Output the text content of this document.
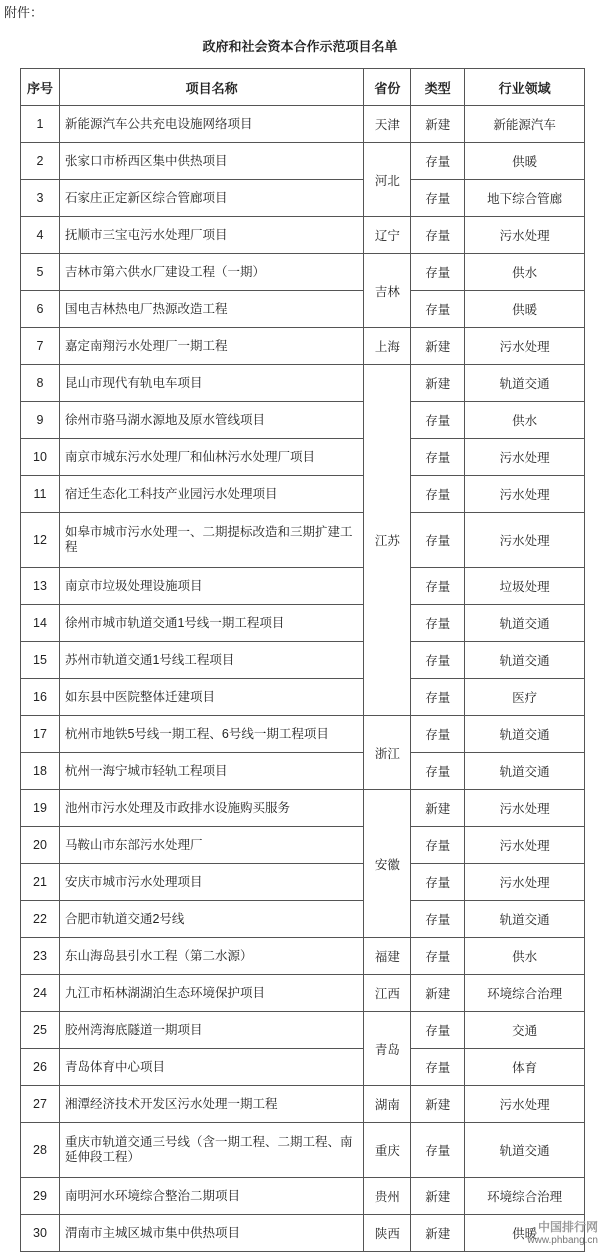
附件：
政府和社会资本合作示范项目名单
序号	项目名称	省份	类型	行业领域
1	新能源汽车公共充电设施网络项目	天津	新建	新能源汽车
2	张家口市桥西区集中供热项目	河北	存量	供暖
3	石家庄正定新区综合管廊项目		存量	地下综合管廊
4	抚顺市三宝屯污水处理厂项目	辽宁	存量	污水处理
5	吉林市第六供水厂建设工程（一期）	吉林	存量	供水
6	国电吉林热电厂热源改造工程		存量	供暖
7	嘉定南翔污水处理厂一期工程	上海	新建	污水处理
8	昆山市现代有轨电车项目	江苏	新建	轨道交通
9	徐州市骆马湖水源地及原水管线项目		存量	供水
10	南京市城东污水处理厂和仙林污水处理厂项目		存量	污水处理
11	宿迁生态化工科技产业园污水处理项目		存量	污水处理
12	如皋市城市污水处理一、二期提标改造和三期扩建工程		存量	污水处理
13	南京市垃圾处理设施项目		存量	垃圾处理
14	徐州市城市轨道交通1号线一期工程项目		存量	轨道交通
15	苏州市轨道交通1号线工程项目		存量	轨道交通
16	如东县中医院整体迁建项目		存量	医疗
17	杭州市地铁5号线一期工程、6号线一期工程项目	浙江	存量	轨道交通
18	杭州一海宁城市轻轨工程项目		存量	轨道交通
19	池州市污水处理及市政排水设施购买服务	安徽	新建	污水处理
20	马鞍山市东部污水处理厂		存量	污水处理
21	安庆市城市污水处理项目		存量	污水处理
22	合肥市轨道交通2号线		存量	轨道交通
23	东山海岛县引水工程（第二水源）	福建	存量	供水
24	九江市柘林湖湖泊生态环境保护项目	江西	新建	环境综合治理
25	胶州湾海底隧道一期项目	青岛	存量	交通
26	青岛体育中心项目		存量	体育
27	湘潭经济技术开发区污水处理一期工程	湖南	新建	污水处理
28	重庆市轨道交通三号线（含一期工程、二期工程、南延伸段工程）	重庆	存量	轨道交通
29	南明河水环境综合整治二期项目	贵州	新建	环境综合治理
30	渭南市主城区城市集中供热项目	陕西	新建	供暖 中国排行网
www.phbang.cn
